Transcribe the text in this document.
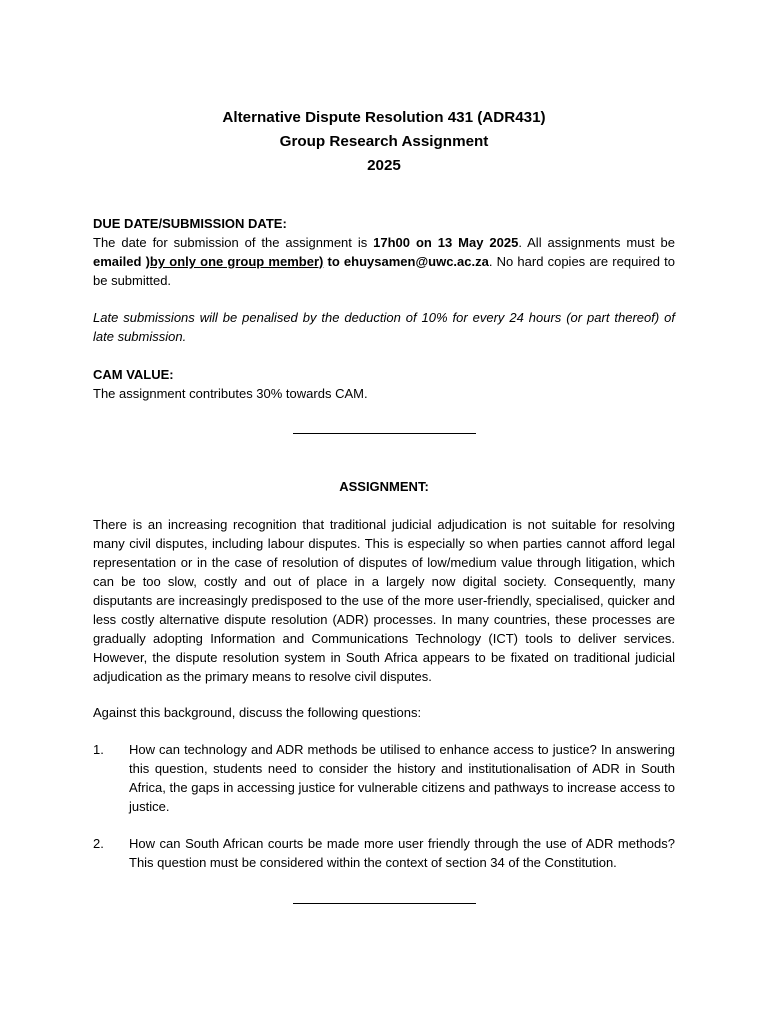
Alternative Dispute Resolution 431 (ADR431)
Group Research Assignment
2025

DUE DATE/SUBMISSION DATE:

The date for submission of the assignment is 17h00 on 13 May 2025. All assignments must be emailed )by only one group member) to ehuysamen@uwc.ac.za. No hard copies are required to be submitted.

Late submissions will be penalised by the deduction of 10% for every 24 hours (or part thereof) of late submission.

CAM VALUE:

The assignment contributes 30% towards CAM.

ASSIGNMENT:

There is an increasing recognition that traditional judicial adjudication is not suitable for resolving many civil disputes, including labour disputes. This is especially so when parties cannot afford legal representation or in the case of resolution of disputes of low/medium value through litigation, which can be too slow, costly and out of place in a largely now digital society. Consequently, many disputants are increasingly predisposed to the use of the more user-friendly, specialised, quicker and less costly alternative dispute resolution (ADR) processes. In many countries, these processes are gradually adopting Information and Communications Technology (ICT) tools to deliver services. However, the dispute resolution system in South Africa appears to be fixated on traditional judicial adjudication as the primary means to resolve civil disputes.

Against this background, discuss the following questions:

1.	How can technology and ADR methods be utilised to enhance access to justice? In answering this question, students need to consider the history and institutionalisation of ADR in South Africa, the gaps in accessing justice for vulnerable citizens and pathways to increase access to justice.
2.	How can South African courts be made more user friendly through the use of ADR methods? This question must be considered within the context of section 34 of the Constitution.
